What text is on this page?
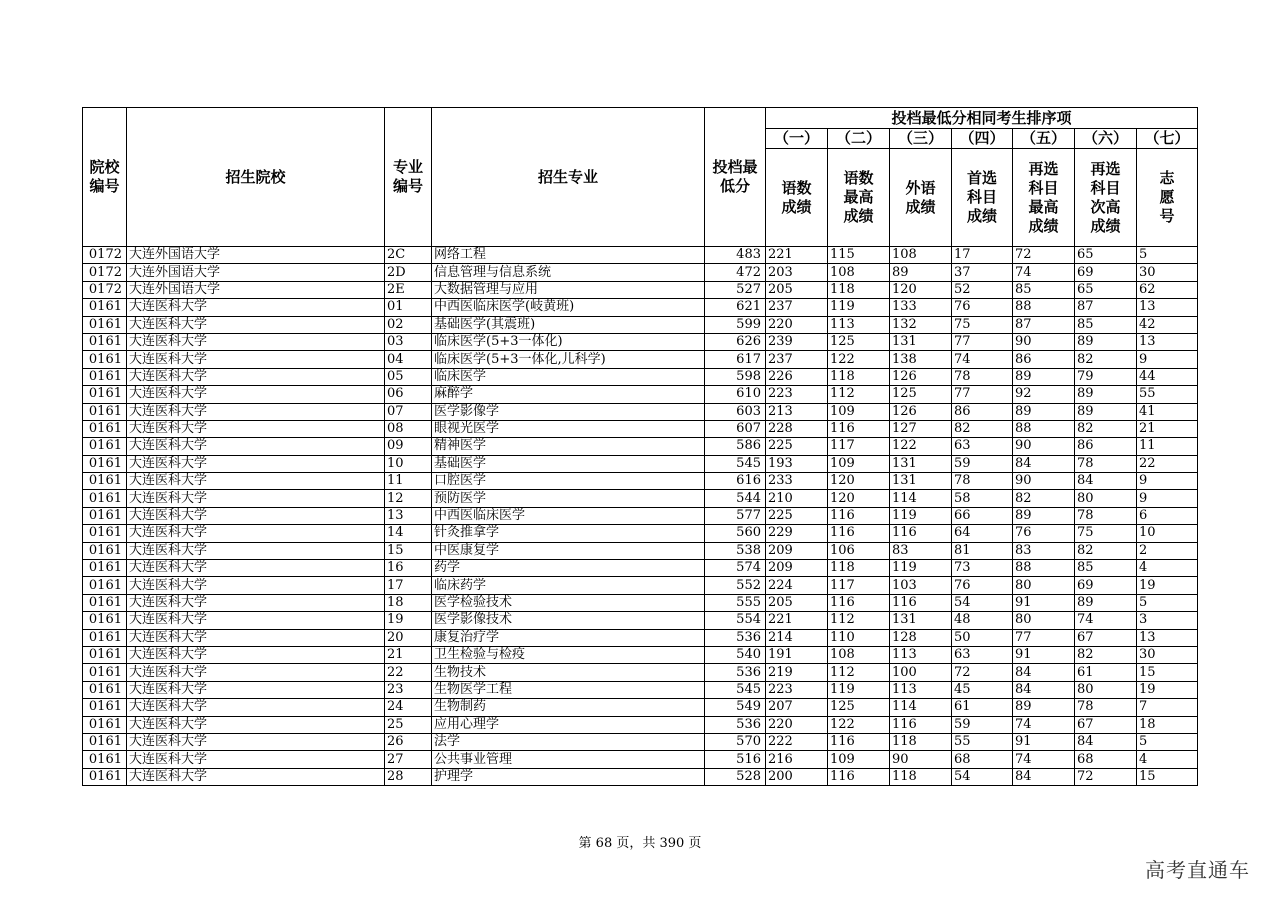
院校编号	招生院校	专业编号	招生专业	投档最低分	投档最低分相同考生排序项						
					（一）	（二）	（三）	（四）	（五）	（六）	（七）
					语数成绩	语数最高成绩	外语成绩	首选科目成绩	再选科目最高成绩	再选科目次高成绩	志愿号
0172	大连外国语大学	2C	网络工程	483	221	115	108	17	72	65	5
0172	大连外国语大学	2D	信息管理与信息系统	472	203	108	89	37	74	69	30
0172	大连外国语大学	2E	大数据管理与应用	527	205	118	120	52	85	65	62
0161	大连医科大学	01	中西医临床医学(岐黄班)	621	237	119	133	76	88	87	13
0161	大连医科大学	02	基础医学(其震班)	599	220	113	132	75	87	85	42
0161	大连医科大学	03	临床医学(5+3一体化)	626	239	125	131	77	90	89	13
0161	大连医科大学	04	临床医学(5+3一体化,儿科学)	617	237	122	138	74	86	82	9
0161	大连医科大学	05	临床医学	598	226	118	126	78	89	79	44
0161	大连医科大学	06	麻醉学	610	223	112	125	77	92	89	55
0161	大连医科大学	07	医学影像学	603	213	109	126	86	89	89	41
0161	大连医科大学	08	眼视光医学	607	228	116	127	82	88	82	21
0161	大连医科大学	09	精神医学	586	225	117	122	63	90	86	11
0161	大连医科大学	10	基础医学	545	193	109	131	59	84	78	22
0161	大连医科大学	11	口腔医学	616	233	120	131	78	90	84	9
0161	大连医科大学	12	预防医学	544	210	120	114	58	82	80	9
0161	大连医科大学	13	中西医临床医学	577	225	116	119	66	89	78	6
0161	大连医科大学	14	针灸推拿学	560	229	116	116	64	76	75	10
0161	大连医科大学	15	中医康复学	538	209	106	83	81	83	82	2
0161	大连医科大学	16	药学	574	209	118	119	73	88	85	4
0161	大连医科大学	17	临床药学	552	224	117	103	76	80	69	19
0161	大连医科大学	18	医学检验技术	555	205	116	116	54	91	89	5
0161	大连医科大学	19	医学影像技术	554	221	112	131	48	80	74	3
0161	大连医科大学	20	康复治疗学	536	214	110	128	50	77	67	13
0161	大连医科大学	21	卫生检验与检疫	540	191	108	113	63	91	82	30
0161	大连医科大学	22	生物技术	536	219	112	100	72	84	61	15
0161	大连医科大学	23	生物医学工程	545	223	119	113	45	84	80	19
0161	大连医科大学	24	生物制药	549	207	125	114	61	89	78	7
0161	大连医科大学	25	应用心理学	536	220	122	116	59	74	67	18
0161	大连医科大学	26	法学	570	222	116	118	55	91	84	5
0161	大连医科大学	27	公共事业管理	516	216	109	90	68	74	68	4
0161	大连医科大学	28	护理学	528	200	116	118	54	84	72	15
第 68 页，共 390 页
高考直通车
